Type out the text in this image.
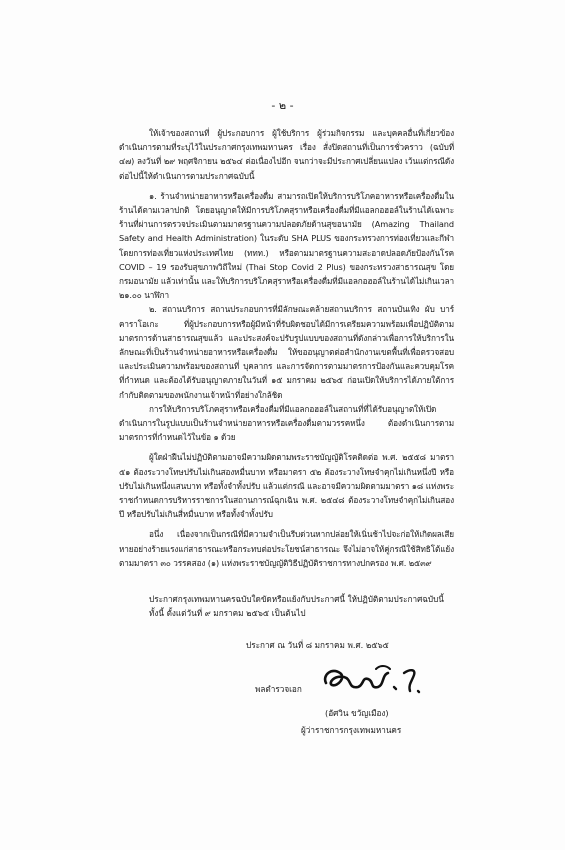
- ๒ -

ให้เจ้าของสถานที่ ผู้ประกอบการ ผู้ใช้บริการ ผู้ร่วมกิจกรรม และบุคคลอื่นที่เกี่ยวข้องดำเนินการตามที่ระบุไว้ในประกาศกรุงเทพมหานคร เรื่อง สั่งปิดสถานที่เป็นการชั่วคราว (ฉบับที่ ๔๗) ลงวันที่ ๒๙ พฤศจิกายน ๒๕๖๔ ต่อเนื่องไปอีก จนกว่าจะมีประกาศเปลี่ยนแปลง เว้นแต่กรณีดังต่อไปนี้ให้ดำเนินการตามประกาศฉบับนี้

๑. ร้านจำหน่ายอาหารหรือเครื่องดื่ม สามารถเปิดให้บริการบริโภคอาหารหรือเครื่องดื่มในร้านได้ตามเวลาปกติ โดยอนุญาตให้มีการบริโภคสุราหรือเครื่องดื่มที่มีแอลกอฮอล์ในร้านได้เฉพาะร้านที่ผ่านการตรวจประเมินตามมาตรฐานความปลอดภัยด้านสุขอนามัย (Amazing Thailand Safety and Health Administration) ในระดับ SHA PLUS ของกระทรวงการท่องเที่ยวและกีฬา โดยการท่องเที่ยวแห่งประเทศไทย (ททท.) หรือตามมาตรฐานความสะอาดปลอดภัยป้องกันโรค COVID – 19 รองรับสุขภาพวิถีใหม่ (Thai Stop Covid 2 Plus) ของกระทรวงสาธารณสุข โดยกรมอนามัย แล้วเท่านั้น และให้บริการบริโภคสุราหรือเครื่องดื่มที่มีแอลกอฮอล์ในร้านได้ไม่เกินเวลา ๒๑.๐๐ นาฬิกา

๒. สถานบริการ สถานประกอบการที่มีลักษณะคล้ายสถานบริการ สถานบันเทิง ผับ บาร์ คาราโอเกะ ที่ผู้ประกอบการหรือผู้มีหน้าที่รับผิดชอบได้มีการเตรียมความพร้อมเพื่อปฏิบัติตามมาตรการด้านสาธารณสุขแล้ว และประสงค์จะปรับรูปแบบของสถานที่ดังกล่าวเพื่อการให้บริการในลักษณะที่เป็นร้านจำหน่ายอาหารหรือเครื่องดื่ม ให้ขออนุญาตต่อสำนักงานเขตพื้นที่เพื่อตรวจสอบและประเมินความพร้อมของสถานที่ บุคลากร และการจัดการตามมาตรการป้องกันและควบคุมโรคที่กำหนด และต้องได้รับอนุญาตภายในวันที่ ๑๕ มกราคม ๒๕๖๕ ก่อนเปิดให้บริการได้ภายใต้การกำกับติดตามของพนักงานเจ้าหน้าที่อย่างใกล้ชิด

การให้บริการบริโภคสุราหรือเครื่องดื่มที่มีแอลกอฮอล์ในสถานที่ที่ได้รับอนุญาตให้เปิดดำเนินการในรูปแบบเป็นร้านจำหน่ายอาหารหรือเครื่องดื่มตามวรรคหนึ่ง ต้องดำเนินการตามมาตรการที่กำหนดไว้ในข้อ ๑ ด้วย

ผู้ใดฝ่าฝืนไม่ปฏิบัติตามอาจมีความผิดตามพระราชบัญญัติโรคติดต่อ พ.ศ. ๒๕๕๘ มาตรา ๕๑ ต้องระวางโทษปรับไม่เกินสองหมื่นบาท หรือมาตรา ๕๒ ต้องระวางโทษจำคุกไม่เกินหนึ่งปี หรือปรับไม่เกินหนึ่งแสนบาท หรือทั้งจำทั้งปรับ แล้วแต่กรณี และอาจมีความผิดตามมาตรา ๑๘ แห่งพระราชกำหนดการบริหารราชการในสถานการณ์ฉุกเฉิน พ.ศ. ๒๕๔๘ ต้องระวางโทษจำคุกไม่เกินสองปี หรือปรับไม่เกินสี่หมื่นบาท หรือทั้งจำทั้งปรับ

อนึ่ง เนื่องจากเป็นกรณีที่มีความจำเป็นรีบด่วนหากปล่อยให้เนิ่นช้าไปจะก่อให้เกิดผลเสียหายอย่างร้ายแรงแก่สาธารณะหรือกระทบต่อประโยชน์สาธารณะ จึงไม่อาจให้คู่กรณีใช้สิทธิโต้แย้ง ตามมาตรา ๓๐ วรรคสอง (๑) แห่งพระราชบัญญัติวิธีปฏิบัติราชการทางปกครอง พ.ศ. ๒๕๓๙

ประกาศกรุงเทพมหานครฉบับใดขัดหรือแย้งกับประกาศนี้ ให้ปฏิบัติตามประกาศฉบับนี้

ทั้งนี้ ตั้งแต่วันที่ ๙ มกราคม ๒๕๖๕ เป็นต้นไป

ประกาศ ณ วันที่ ๘ มกราคม พ.ศ. ๒๕๖๕
พลตำรวจเอก
(อัศวิน ขวัญเมือง)
ผู้ว่าราชการกรุงเทพมหานคร
